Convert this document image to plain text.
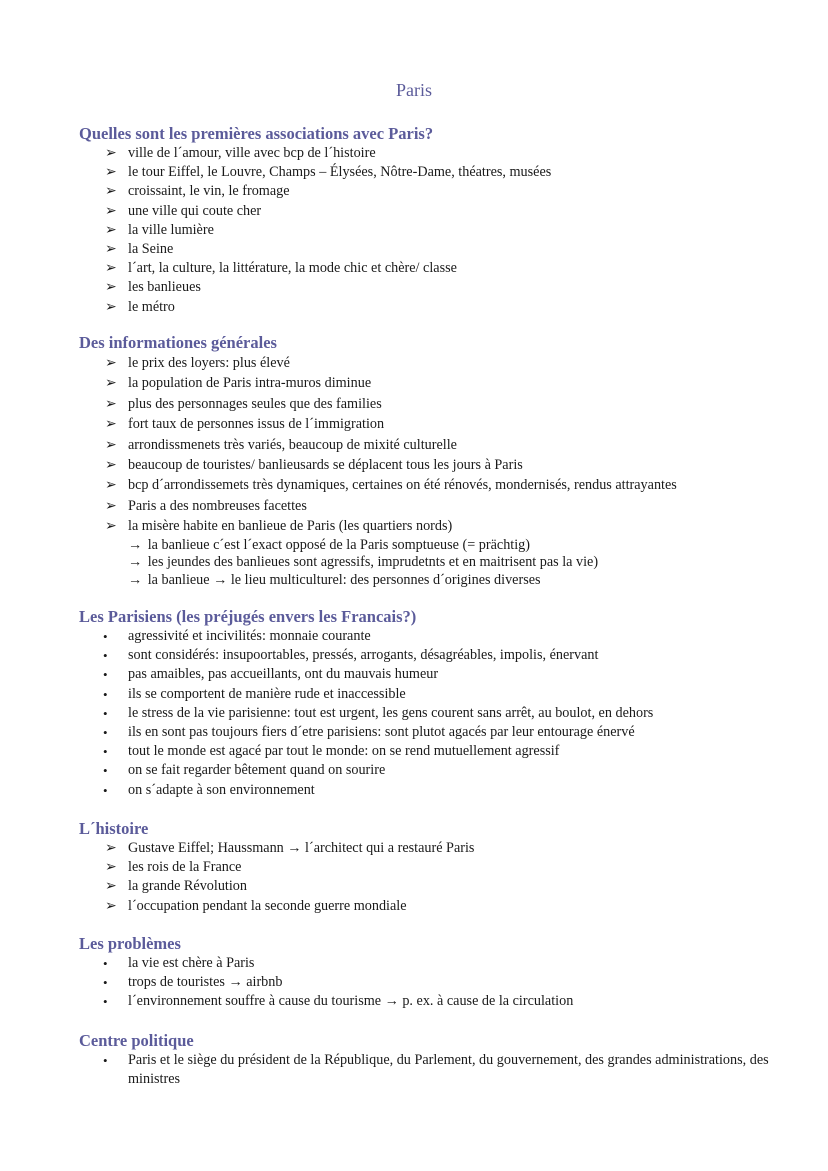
Paris
Quelles sont les premières associations avec Paris?
➢ ville de l´amour, ville avec bcp de l´histoire
➢ le tour Eiffel, le Louvre, Champs – Élysées, Nôtre-Dame, théatres, musées
➢ croissaint, le vin, le fromage
➢ une ville qui coute cher
➢ la ville lumière
➢ la Seine
➢ l´art, la culture, la littérature, la mode chic et chère/ classe
➢ les banlieues
➢ le métro
Des informationes générales
➢ le prix des loyers: plus élevé
➢ la population de Paris intra-muros diminue
➢ plus des personnages seules que des families
➢ fort taux de personnes issus de l´immigration
➢ arrondissmenets très variés, beaucoup de mixité culturelle
➢ beaucoup de touristes/ banlieusards se déplacent tous les jours à Paris
➢ bcp d´arrondissemets très dynamiques, certaines on été rénovés, mondernisés, rendus attrayantes
➢ Paris a des nombreuses facettes
➢ la misère habite en banlieue de Paris (les quartiers nords)
→ la banlieue c´est l´exact opposé de la Paris somptueuse (= prächtig)
→ les jeundes des banlieues sont agressifs, imprudetnts et en maitrisent pas la vie)
→ la banlieue → le lieu multiculturel: des personnes d´origines diverses
Les Parisiens (les préjugés envers les Francais?)
•	agressivité et incivilités: monnaie courante
•	sont considérés: insupoortables, pressés, arrogants, désagréables, impolis, énervant
•	pas amaibles, pas accueillants, ont du mauvais humeur
•	ils se comportent de manière rude et inaccessible
•	le stress de la vie parisienne: tout est urgent, les gens courent sans arrêt, au boulot, en dehors
•	ils en sont pas toujours fiers d´etre parisiens: sont plutot agacés par leur entourage énervé
•	tout le monde est agacé par tout le monde: on se rend mutuellement agressif
•	on se fait regarder bêtement quand on sourire
•	on s´adapte à son environnement
L´histoire
➢ Gustave Eiffel; Haussmann → l´architect qui a restauré Paris
➢ les rois de la France
➢ la grande Révolution
➢ l´occupation pendant la seconde guerre mondiale
Les problèmes
•	la vie est chère à Paris
•	trops de touristes → airbnb
•	l´environnement souffre à cause du tourisme → p. ex. à cause de la circulation
Centre politique
•	Paris et le siège du président de la République, du Parlement, du gouvernement, des grandes administrations, des ministres
